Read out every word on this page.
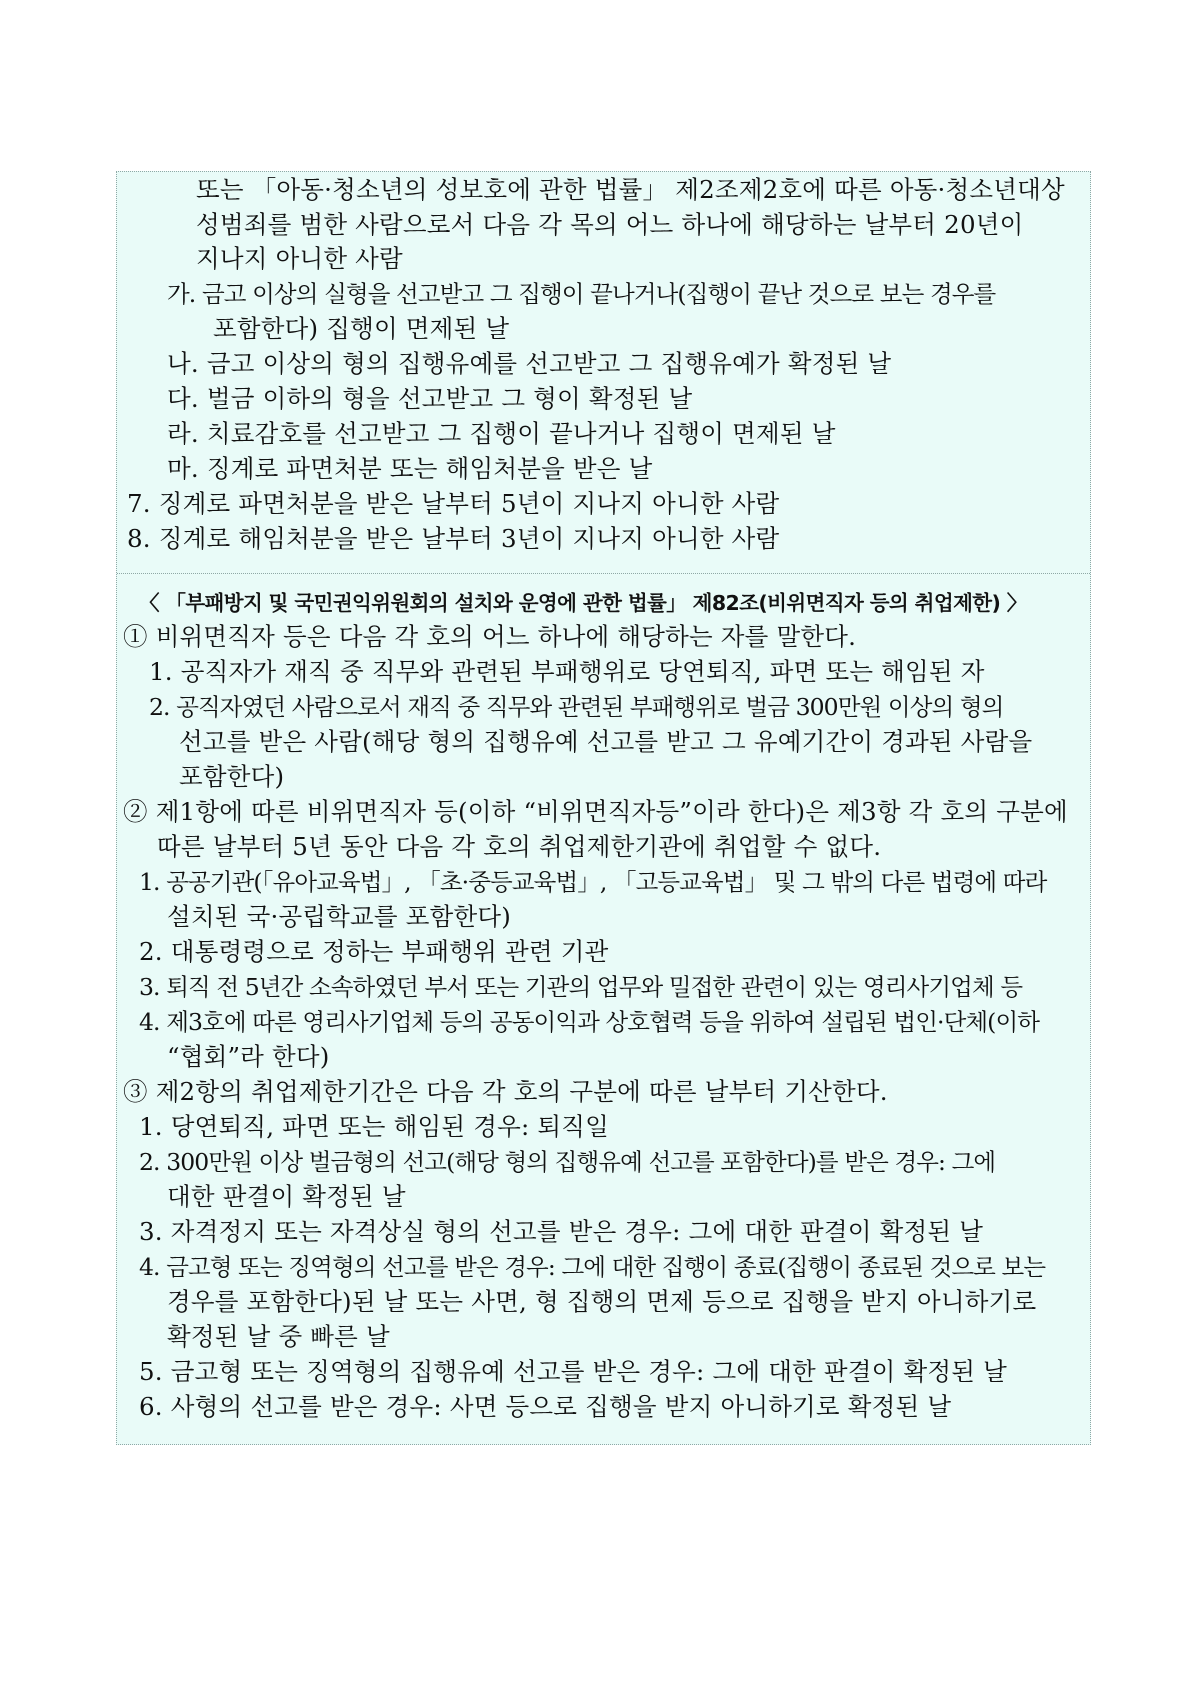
또는 「아동·청소년의 성보호에 관한 법률」 제2조제2호에 따른 아동·청소년대상
성범죄를 범한 사람으로서 다음 각 목의 어느 하나에 해당하는 날부터 20년이
지나지 아니한 사람
가. 금고 이상의 실형을 선고받고 그 집행이 끝나거나(집행이 끝난 것으로 보는 경우를
포함한다) 집행이 면제된 날
나. 금고 이상의 형의 집행유예를 선고받고 그 집행유예가 확정된 날
다. 벌금 이하의 형을 선고받고 그 형이 확정된 날
라. 치료감호를 선고받고 그 집행이 끝나거나 집행이 면제된 날
마. 징계로 파면처분 또는 해임처분을 받은 날
7. 징계로 파면처분을 받은 날부터 5년이 지나지 아니한 사람
8. 징계로 해임처분을 받은 날부터 3년이 지나지 아니한 사람
〈 「부패방지 및 국민권익위원회의 설치와 운영에 관한 법률」 제82조(비위면직자 등의 취업제한) 〉
① 비위면직자 등은 다음 각 호의 어느 하나에 해당하는 자를 말한다.
1. 공직자가 재직 중 직무와 관련된 부패행위로 당연퇴직, 파면 또는 해임된 자
2. 공직자였던 사람으로서 재직 중 직무와 관련된 부패행위로 벌금 300만원 이상의 형의
선고를 받은 사람(해당 형의 집행유예 선고를 받고 그 유예기간이 경과된 사람을
포함한다)
② 제1항에 따른 비위면직자 등(이하 “비위면직자등”이라 한다)은 제3항 각 호의 구분에
따른 날부터 5년 동안 다음 각 호의 취업제한기관에 취업할 수 없다.
1. 공공기관(「유아교육법」, 「초·중등교육법」, 「고등교육법」 및 그 밖의 다른 법령에 따라
설치된 국·공립학교를 포함한다)
2. 대통령령으로 정하는 부패행위 관련 기관
3. 퇴직 전 5년간 소속하였던 부서 또는 기관의 업무와 밀접한 관련이 있는 영리사기업체 등
4. 제3호에 따른 영리사기업체 등의 공동이익과 상호협력 등을 위하여 설립된 법인·단체(이하
“협회”라 한다)
③ 제2항의 취업제한기간은 다음 각 호의 구분에 따른 날부터 기산한다.
1. 당연퇴직, 파면 또는 해임된 경우: 퇴직일
2. 300만원 이상 벌금형의 선고(해당 형의 집행유예 선고를 포함한다)를 받은 경우: 그에
대한 판결이 확정된 날
3. 자격정지 또는 자격상실 형의 선고를 받은 경우: 그에 대한 판결이 확정된 날
4. 금고형 또는 징역형의 선고를 받은 경우: 그에 대한 집행이 종료(집행이 종료된 것으로 보는
경우를 포함한다)된 날 또는 사면, 형 집행의 면제 등으로 집행을 받지 아니하기로
확정된 날 중 빠른 날
5. 금고형 또는 징역형의 집행유예 선고를 받은 경우: 그에 대한 판결이 확정된 날
6. 사형의 선고를 받은 경우: 사면 등으로 집행을 받지 아니하기로 확정된 날
